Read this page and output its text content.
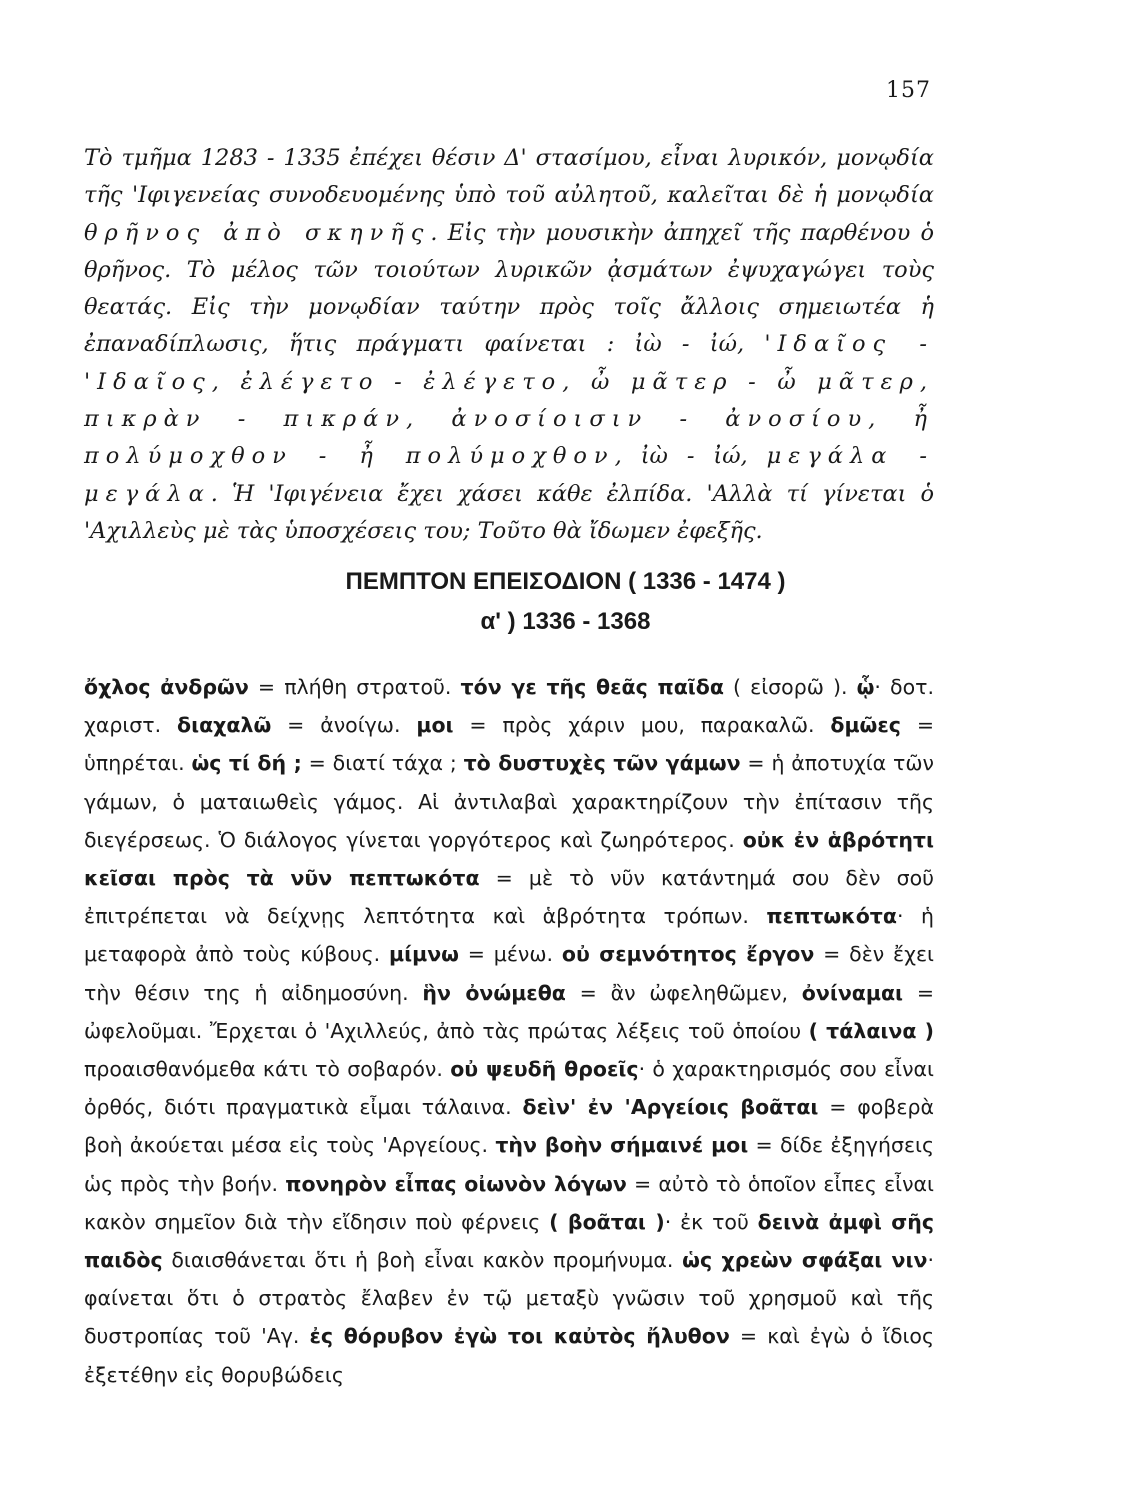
157

Τὸ τμῆμα 1283 - 1335 ἐπέχει θέσιν Δ' στασίμου, εἶναι λυρικόν, μονῳδία τῆς 'Ιφιγενείας συνοδευομένης ὑπὸ τοῦ αὐλητοῦ, καλεῖται δὲ ἡ μονῳδία θρῆνος ἀπὸ σκηνῆς. Εἰς τὴν μουσικὴν ἀπηχεῖ τῆς παρθένου ὁ θρῆνος. Τὸ μέλος τῶν τοιούτων λυρικῶν ᾀσμάτων ἐψυχαγώγει τοὺς θεατάς. Εἰς τὴν μονῳδίαν ταύτην πρὸς τοῖς ἄλλοις σημειωτέα ἡ ἐπαναδίπλωσις, ἥτις πράγματι φαίνεται : ἰὼ - ἰώ, 'Ιδαῖος - 'Ιδαῖος, ἐλέγετο - ἐλέγετο, ὦ μᾶτερ - ὦ μᾶτερ, πικρὰν - πικράν, ἀνοσίοισιν - ἀνοσίου, ἦ πολύμοχθον - ἦ πολύμοχθον, ἰὼ - ἰώ, μεγάλα - μεγάλα. Ἡ 'Ιφιγένεια ἔχει χάσει κάθε ἐλπίδα. 'Αλλὰ τί γίνεται ὁ 'Αχιλλεὺς μὲ τὰς ὑποσχέσεις του; Τοῦτο θὰ ἴδωμεν ἐφεξῆς.

ΠΕΜΠΤΟΝ ΕΠΕΙΣΟΔΙΟΝ ( 1336 - 1474 )
α' ) 1336 - 1368

ὄχλος ἀνδρῶν = πλήθη στρατοῦ. τόν γε τῆς θεᾶς παῖδα ( εἰσορῶ ). ᾧ· δοτ. χαριστ. διαχαλῶ = ἀνοίγω. μοι = πρὸς χάριν μου, παρακαλῶ. δμῶες = ὑπηρέται. ὡς τί δή ; = διατί τάχα ; τὸ δυστυχὲς τῶν γάμων = ἡ ἀποτυχία τῶν γάμων, ὁ ματαιωθεὶς γάμος. Αἱ ἀντιλαβαὶ χαρακτηρίζουν τὴν ἐπίτασιν τῆς διεγέρσεως. Ὁ διάλογος γίνεται γοργότερος καὶ ζωηρότερος. οὐκ ἐν ἁβρότητι κεῖσαι πρὸς τὰ νῦν πεπτωκότα = μὲ τὸ νῦν κατάντημά σου δὲν σοῦ ἐπιτρέπεται νὰ δείχνῃς λεπτότητα καὶ ἁβρότητα τρόπων. πεπτωκότα· ἡ μεταφορὰ ἀπὸ τοὺς κύβους. μίμνω = μένω. οὐ σεμνότητος ἔργον = δὲν ἔχει τὴν θέσιν της ἡ αἰδημοσύνη. ἣν ὀνώμεθα = ἂν ὠφεληθῶμεν, ὀνίναμαι = ὠφελοῦμαι. Ἔρχεται ὁ 'Αχιλλεύς, ἀπὸ τὰς πρώτας λέξεις τοῦ ὁποίου ( τάλαινα ) προαισθανόμεθα κάτι τὸ σοβαρόν. οὐ ψευδῆ θροεῖς· ὁ χαρακτηρισμός σου εἶναι ὀρθός, διότι πραγματικὰ εἶμαι τάλαινα. δεὶν' ἐν 'Αργείοις βοᾶται = φοβερὰ βοὴ ἀκούεται μέσα εἰς τοὺς 'Αργείους. τὴν βοὴν σήμαινέ μοι = δίδε ἐξηγήσεις ὡς πρὸς τὴν βοήν. πονηρὸν εἶπας οἰωνὸν λόγων = αὐτὸ τὸ ὁποῖον εἶπες εἶναι κακὸν σημεῖον διὰ τὴν εἴδησιν ποὺ φέρνεις ( βοᾶται )· ἐκ τοῦ δεινὰ ἀμφὶ σῆς παιδὸς διαισθάνεται ὅτι ἡ βοὴ εἶναι κακὸν προμήνυμα. ὡς χρεὼν σφάξαι νιν· φαίνεται ὅτι ὁ στρατὸς ἔλαβεν ἐν τῷ μεταξὺ γνῶσιν τοῦ χρησμοῦ καὶ τῆς δυστροπίας τοῦ 'Αγ. ἐς θόρυβον ἐγὼ τοι καὐτὸς ἤλυθον = καὶ ἐγὼ ὁ ἴδιος ἐξετέθην εἰς θορυβώδεις
